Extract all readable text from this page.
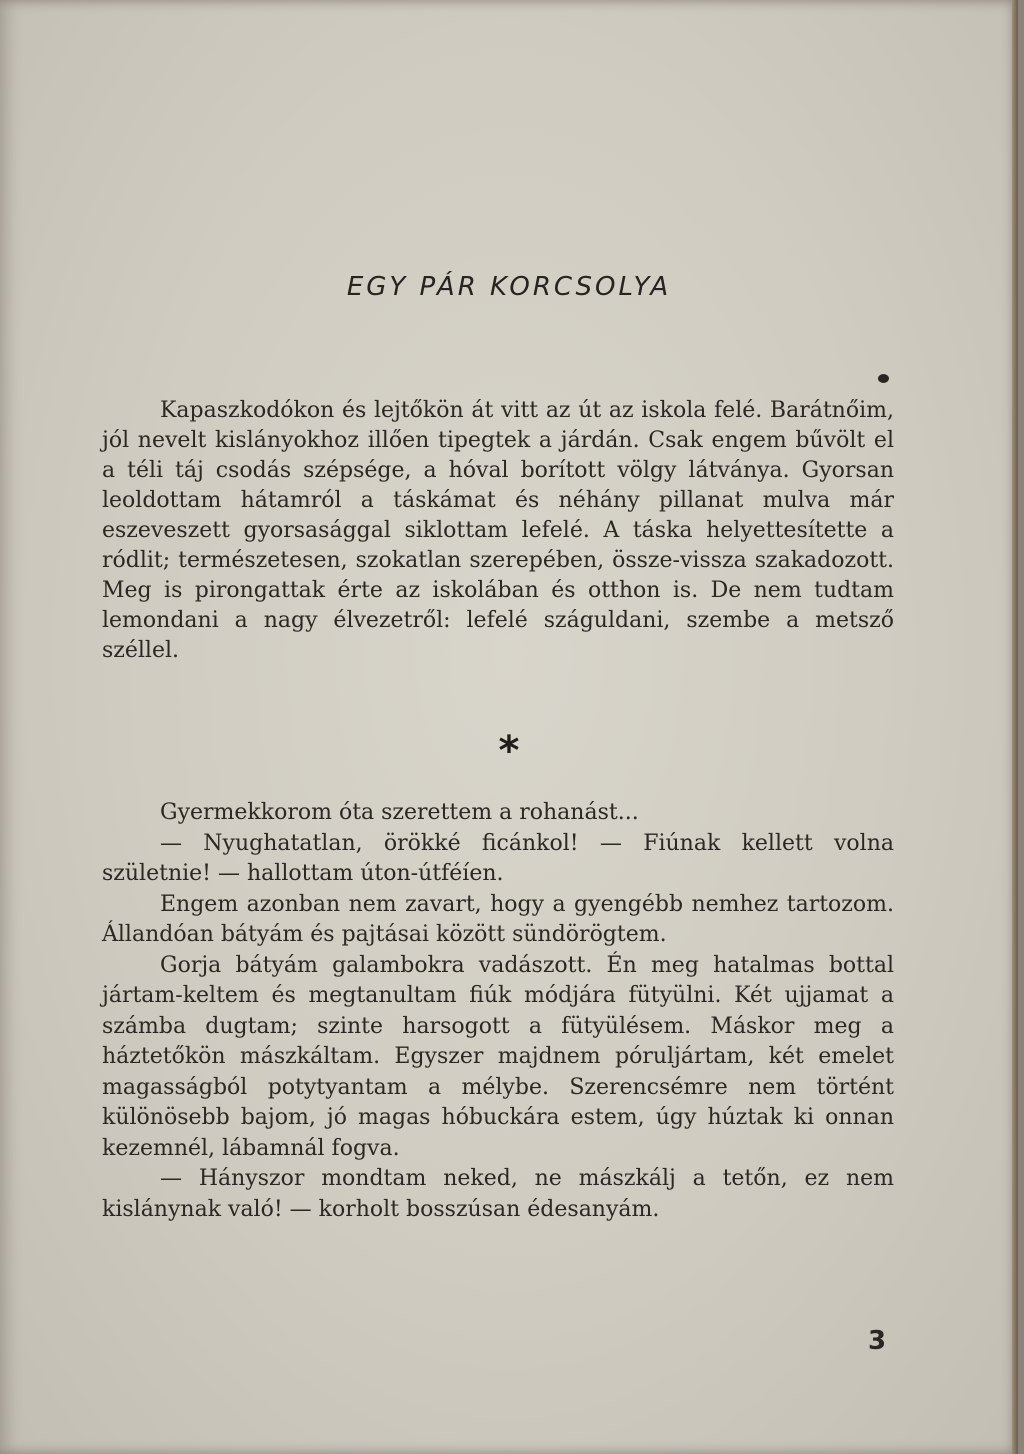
EGY PÁR KORCSOLYA

Kapaszkodókon és lejtőkön át vitt az út az iskola felé. Barátnőim, jól nevelt kislányokhoz illően tipegtek a járdán. Csak engem bűvölt el a téli táj csodás szépsége, a hóval borított völgy látványa. Gyorsan leoldottam hátamról a táskámat és néhány pillanat mulva már eszeveszett gyorsasággal siklottam lefelé. A táska helyettesítette a ródlit; természetesen, szokatlan szerepében, össze-vissza szakadozott. Meg is pirongattak érte az iskolában és otthon is. De nem tudtam lemondani a nagy élvezetről: lefelé száguldani, szembe a metsző széllel.

*

Gyermekkorom óta szerettem a rohanást...

— Nyughatatlan, örökké ficánkol! — Fiúnak kellett volna születnie! — hallottam úton-útféíen.

Engem azonban nem zavart, hogy a gyengébb nemhez tartozom. Állandóan bátyám és pajtásai között sündörögtem.

Gorja bátyám galambokra vadászott. Én meg hatalmas bottal jártam-keltem és megtanultam fiúk módjára fütyülni. Két ujjamat a számba dugtam; szinte harsogott a fütyülésem. Máskor meg a háztetőkön mászkáltam. Egyszer majdnem póruljártam, két emelet magasságból potytyantam a mélybe. Szerencsémre nem történt különösebb bajom, jó magas hóbuckára estem, úgy húztak ki onnan kezemnél, lábamnál fogva.

— Hányszor mondtam neked, ne mászkálj a tetőn, ez nem kislánynak való! — korholt bosszúsan édesanyám.

3
